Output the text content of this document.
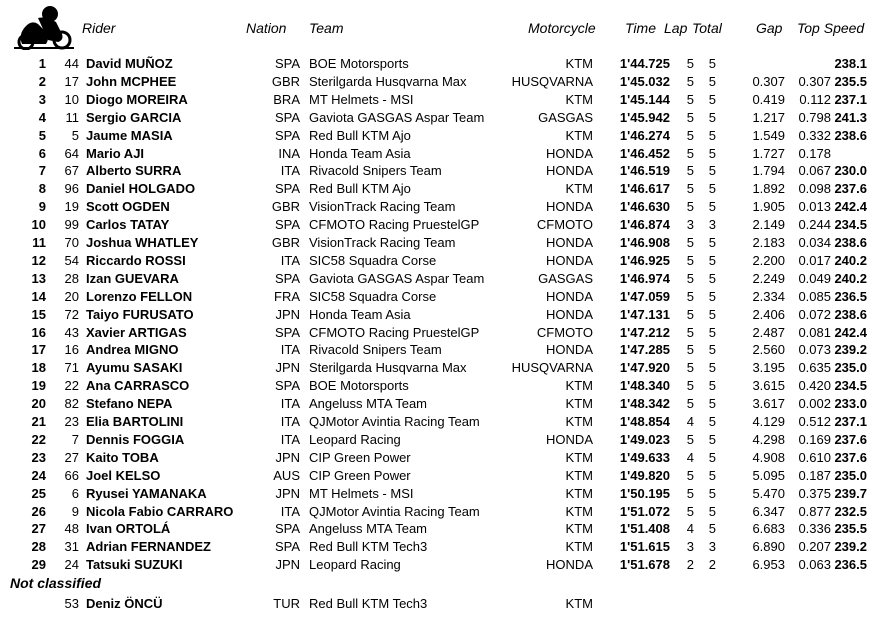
Rider	Nation Team	Motorcycle Time Lap Total Gap Top Speed
1 44 David MUÑOZ	SPA BOE Motorsports	KTM 1'44.725 5 5	238.1
2 17 John MCPHEE	GBR Sterilgarda Husqvarna Max	HUSQVARNA 1'45.032 5 5	0.307 0.307 235.5
3 10 Diogo MOREIRA	BRA MT Helmets - MSI	KTM 1'45.144 5 5	0.419 0.112 237.1
4 11 Sergio GARCIA	SPA Gaviota GASGAS Aspar Team	GASGAS 1'45.942 5 5	1.217 0.798 241.3
5 5 Jaume MASIA	SPA Red Bull KTM Ajo	KTM 1'46.274 5 5	1.549 0.332 238.6
6 64 Mario AJI	INA Honda Team Asia	HONDA 1'46.452 5 5	1.727 0.178
7 67 Alberto SURRA	ITA Rivacold Snipers Team	HONDA 1'46.519 5 5	1.794 0.067 230.0
8 96 Daniel HOLGADO	SPA Red Bull KTM Ajo	KTM 1'46.617 5 5	1.892 0.098 237.6
9 19 Scott OGDEN	GBR VisionTrack Racing Team	HONDA 1'46.630 5 5	1.905 0.013 242.4
10 99 Carlos TATAY	SPA CFMOTO Racing PruestelGP	CFMOTO 1'46.874 3 3	2.149 0.244 234.5
11 70 Joshua WHATLEY	GBR VisionTrack Racing Team	HONDA 1'46.908 5 5	2.183 0.034 238.6
12 54 Riccardo ROSSI	ITA SIC58 Squadra Corse	HONDA 1'46.925 5 5	2.200 0.017 240.2
13 28 Izan GUEVARA	SPA Gaviota GASGAS Aspar Team	GASGAS 1'46.974 5 5	2.249 0.049 240.2
14 20 Lorenzo FELLON	FRA SIC58 Squadra Corse	HONDA 1'47.059 5 5	2.334 0.085 236.5
15 72 Taiyo FURUSATO	JPN Honda Team Asia	HONDA 1'47.131 5 5	2.406 0.072 238.6
16 43 Xavier ARTIGAS	SPA CFMOTO Racing PruestelGP	CFMOTO 1'47.212 5 5	2.487 0.081 242.4
17 16 Andrea MIGNO	ITA Rivacold Snipers Team	HONDA 1'47.285 5 5	2.560 0.073 239.2
18 71 Ayumu SASAKI	JPN Sterilgarda Husqvarna Max	HUSQVARNA 1'47.920 5 5	3.195 0.635 235.0
19 22 Ana CARRASCO	SPA BOE Motorsports	KTM 1'48.340 5 5	3.615 0.420 234.5
20 82 Stefano NEPA	ITA Angeluss MTA Team	KTM 1'48.342 5 5	3.617 0.002 233.0
21 23 Elia BARTOLINI	ITA QJMotor Avintia Racing Team	KTM 1'48.854 4 5	4.129 0.512 237.1
22 7 Dennis FOGGIA	ITA Leopard Racing	HONDA 1'49.023 5 5	4.298 0.169 237.6
23 27 Kaito TOBA	JPN CIP Green Power	KTM 1'49.633 4 5	4.908 0.610 237.6
24 66 Joel KELSO	AUS CIP Green Power	KTM 1'49.820 5 5	5.095 0.187 235.0
25 6 Ryusei YAMANAKA	JPN MT Helmets - MSI	KTM 1'50.195 5 5	5.470 0.375 239.7
26 9 Nicola Fabio CARRARO	ITA QJMotor Avintia Racing Team	KTM 1'51.072 5 5	6.347 0.877 232.5
27 48 Ivan ORTOLÁ	SPA Angeluss MTA Team	KTM 1'51.408 4 5	6.683 0.336 235.5
28 31 Adrian FERNANDEZ	SPA Red Bull KTM Tech3	KTM 1'51.615 3 3	6.890 0.207 239.2
29 24 Tatsuki SUZUKI	JPN Leopard Racing	HONDA 1'51.678 2 2	6.953 0.063 236.5
Not classified
53 Deniz ÖNCÜ	TUR Red Bull KTM Tech3	KTM
